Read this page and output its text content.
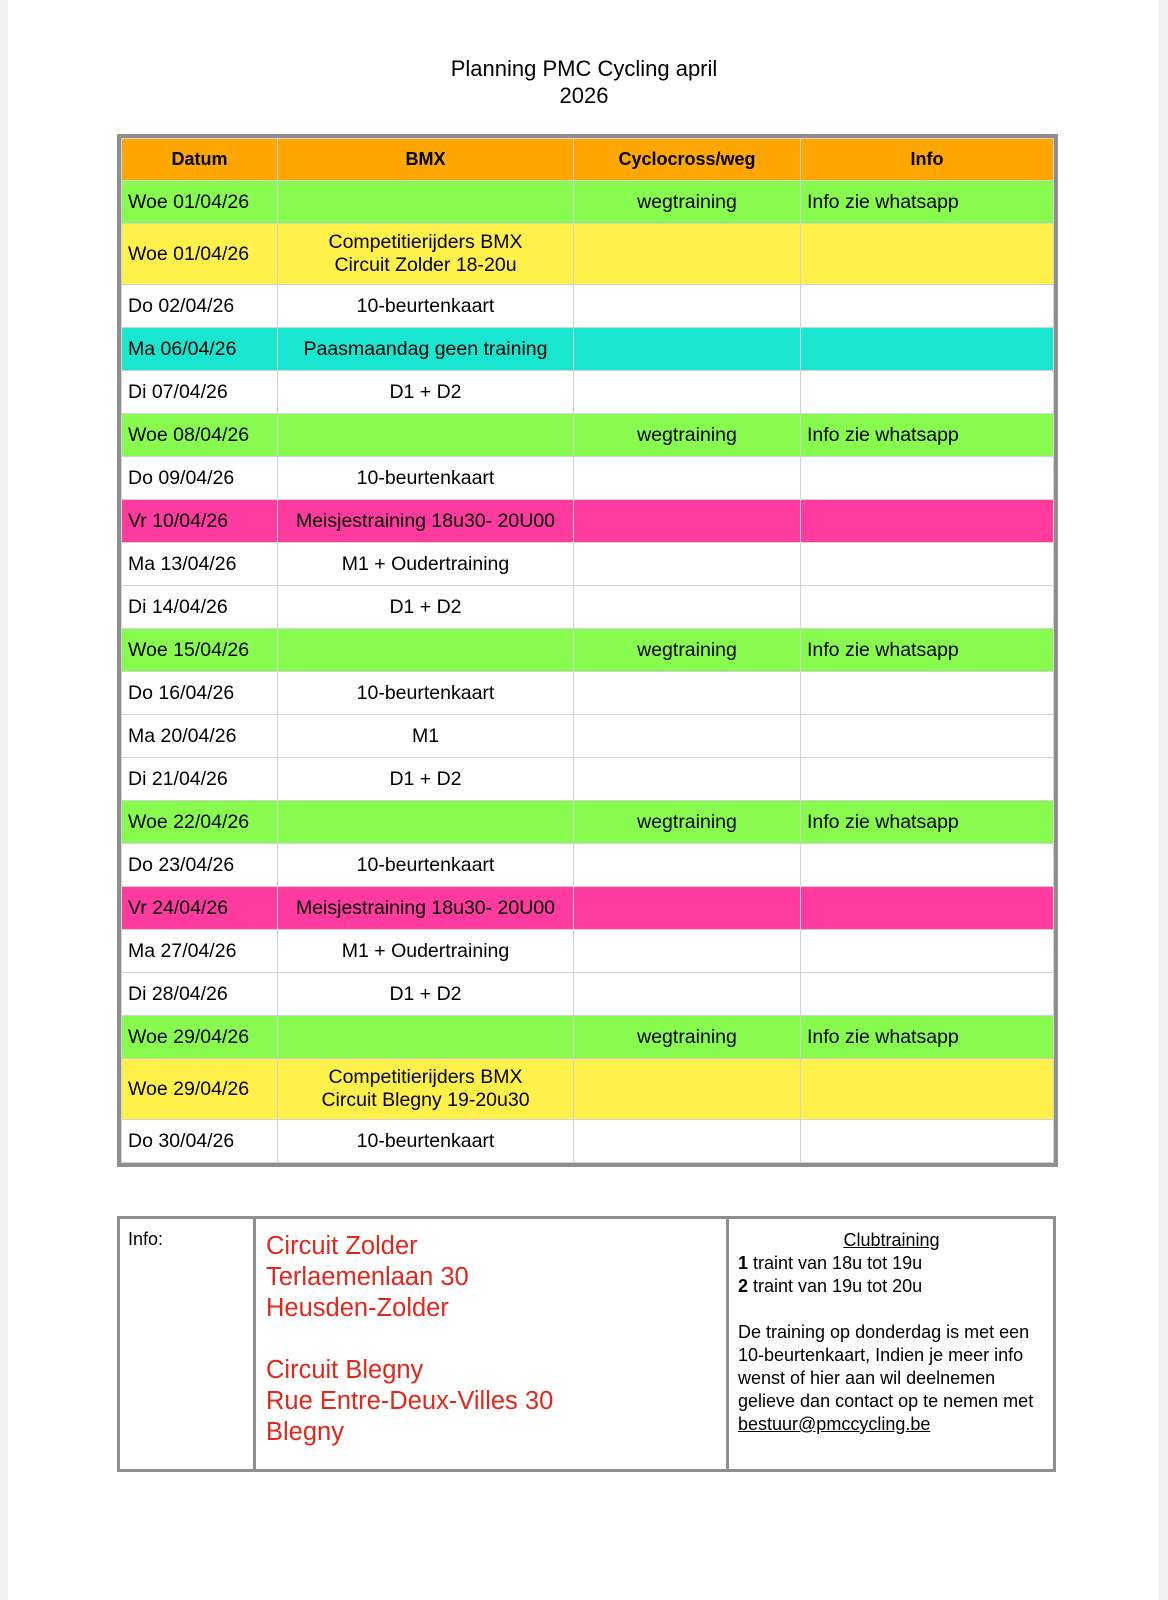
Planning PMC Cycling april
2026
Datum	BMX	Cyclocross/weg	Info
Woe 01/04/26		wegtraining	Info zie whatsapp
Woe 01/04/26	Competitierijders BMX
Circuit Zolder 18-20u		
Do 02/04/26	10-beurtenkaart		
Ma 06/04/26	Paasmaandag geen training		
Di 07/04/26	D1 + D2		
Woe 08/04/26		wegtraining	Info zie whatsapp
Do 09/04/26	10-beurtenkaart		
Vr 10/04/26	Meisjestraining 18u30- 20U00		
Ma 13/04/26	M1 + Oudertraining		
Di 14/04/26	D1 + D2		
Woe 15/04/26		wegtraining	Info zie whatsapp
Do 16/04/26	10-beurtenkaart		
Ma 20/04/26	M1		
Di 21/04/26	D1 + D2		
Woe 22/04/26		wegtraining	Info zie whatsapp
Do 23/04/26	10-beurtenkaart		
Vr 24/04/26	Meisjestraining 18u30- 20U00		
Ma 27/04/26	M1 + Oudertraining		
Di 28/04/26	D1 + D2		
Woe 29/04/26		wegtraining	Info zie whatsapp
Woe 29/04/26	Competitierijders BMX
Circuit Blegny 19-20u30		
Do 30/04/26	10-beurtenkaart		
Info:	Circuit Zolder
Terlaemenlaan 30
Heusden-Zolder
Circuit Blegny
Rue Entre-Deux-Villes 30
Blegny
Clubtraining
1 traint van 18u tot 19u
2 traint van 19u tot 20u
De training op donderdag is met een 10-beurtenkaart, Indien je meer info wenst of hier aan wil deelnemen gelieve dan contact op te nemen met
bestuur@pmccycling.be
